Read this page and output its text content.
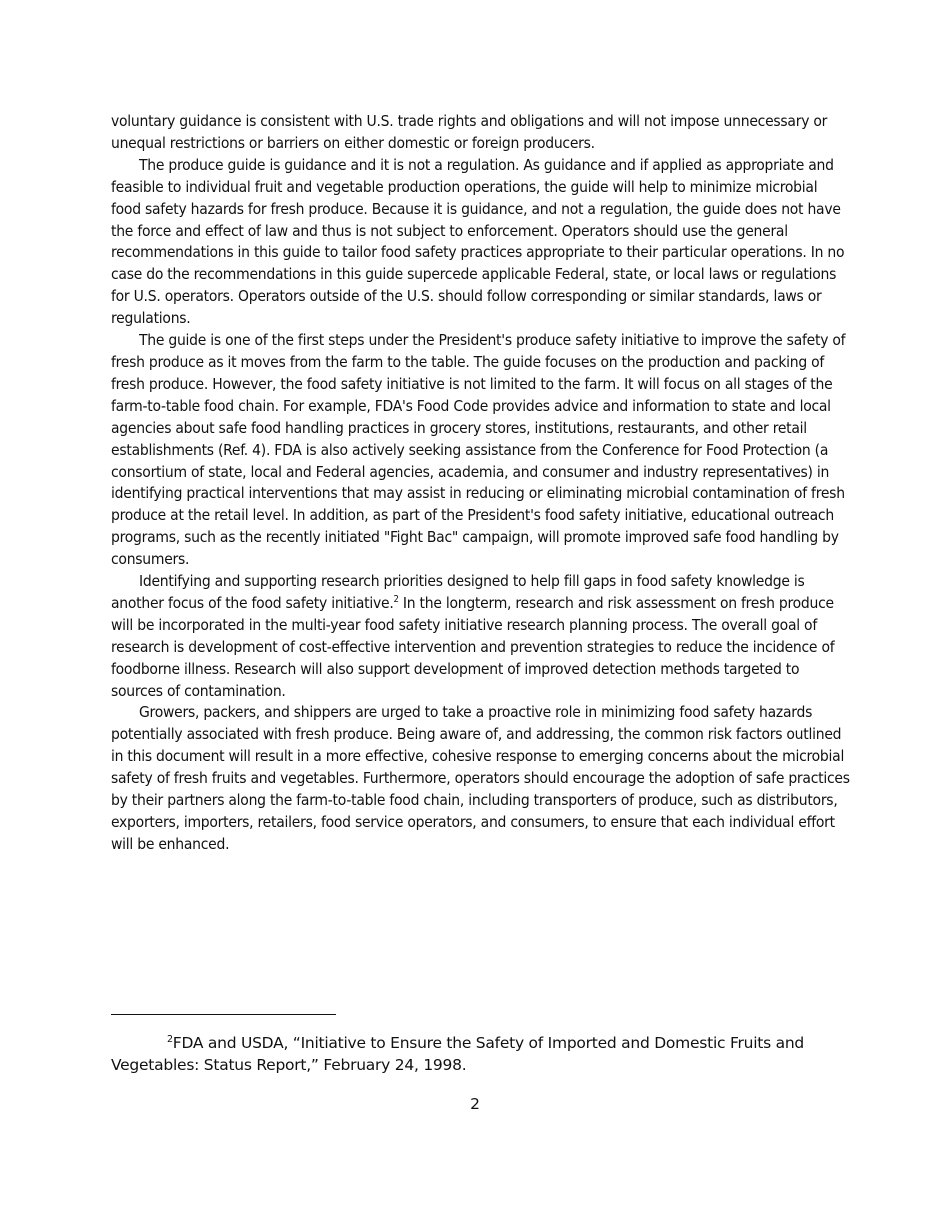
voluntary guidance is consistent with U.S. trade rights and obligations and will not impose unnecessary or unequal restrictions or barriers on either domestic or foreign producers.

The produce guide is guidance and it is not a regulation. As guidance and if applied as appropriate and feasible to individual fruit and vegetable production operations, the guide will help to minimize microbial food safety hazards for fresh produce. Because it is guidance, and not a regulation, the guide does not have the force and effect of law and thus is not subject to enforcement. Operators should use the general recommendations in this guide to tailor food safety practices appropriate to their particular operations. In no case do the recommendations in this guide supercede applicable Federal, state, or local laws or regulations for U.S. operators. Operators outside of the U.S. should follow corresponding or similar standards, laws or regulations.

The guide is one of the first steps under the President's produce safety initiative to improve the safety of fresh produce as it moves from the farm to the table. The guide focuses on the production and packing of fresh produce. However, the food safety initiative is not limited to the farm. It will focus on all stages of the farm-to-table food chain. For example, FDA's Food Code provides advice and information to state and local agencies about safe food handling practices in grocery stores, institutions, restaurants, and other retail establishments (Ref. 4). FDA is also actively seeking assistance from the Conference for Food Protection (a consortium of state, local and Federal agencies, academia, and consumer and industry representatives) in identifying practical interventions that may assist in reducing or eliminating microbial contamination of fresh produce at the retail level. In addition, as part of the President's food safety initiative, educational outreach programs, such as the recently initiated "Fight Bac" campaign, will promote improved safe food handling by consumers.

Identifying and supporting research priorities designed to help fill gaps in food safety knowledge is another focus of the food safety initiative.$^2$ In the longterm, research and risk assessment on fresh produce will be incorporated in the multi-year food safety initiative research planning process. The overall goal of research is development of cost-effective intervention and prevention strategies to reduce the incidence of foodborne illness. Research will also support development of improved detection methods targeted to sources of contamination.

Growers, packers, and shippers are urged to take a proactive role in minimizing food safety hazards potentially associated with fresh produce. Being aware of, and addressing, the common risk factors outlined in this document will result in a more effective, cohesive response to emerging concerns about the microbial safety of fresh fruits and vegetables. Furthermore, operators should encourage the adoption of safe practices by their partners along the farm-to-table food chain, including transporters of produce, such as distributors, exporters, importers, retailers, food service operators, and consumers, to ensure that each individual effort will be enhanced.

$^2$FDA and USDA, “Initiative to Ensure the Safety of Imported and Domestic Fruits and Vegetables: Status Report,” February 24, 1998.
2
